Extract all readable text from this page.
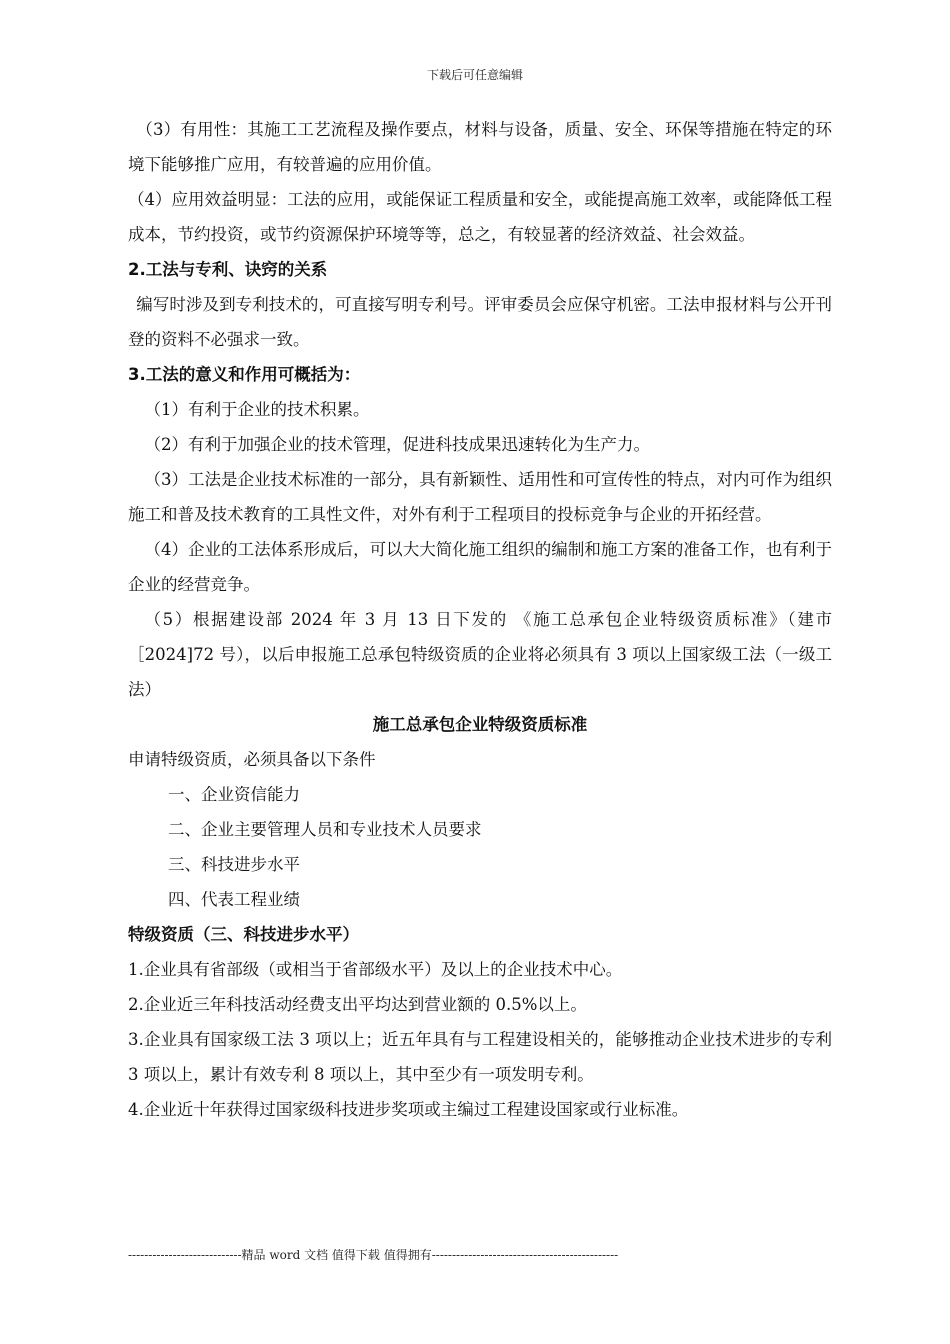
下载后可任意编辑

（3）有用性：其施工工艺流程及操作要点，材料与设备，质量、安全、环保等措施在特定的环境下能够推广应用，有较普遍的应用价值。

（4）应用效益明显：工法的应用，或能保证工程质量和安全，或能提高施工效率，或能降低工程成本，节约投资，或节约资源保护环境等等，总之，有较显著的经济效益、社会效益。

2.工法与专利、诀窍的关系

编写时涉及到专利技术的，可直接写明专利号。评审委员会应保守机密。工法申报材料与公开刊登的资料不必强求一致。

3.工法的意义和作用可概括为：

（1）有利于企业的技术积累。

（2）有利于加强企业的技术管理，促进科技成果迅速转化为生产力。

（3）工法是企业技术标准的一部分，具有新颖性、适用性和可宣传性的特点，对内可作为组织施工和普及技术教育的工具性文件，对外有利于工程项目的投标竞争与企业的开拓经营。

（4）企业的工法体系形成后，可以大大简化施工组织的编制和施工方案的准备工作，也有利于企业的经营竞争。

（5）根据建设部 2024 年 3 月 13 日下发的 《施工总承包企业特级资质标准》（建市［2024]72 号），以后申报施工总承包特级资质的企业将必须具有 3 项以上国家级工法（一级工法）

施工总承包企业特级资质标准

申请特级资质，必须具备以下条件

一、企业资信能力

二、企业主要管理人员和专业技术人员要求

三、科技进步水平

四、代表工程业绩

特级资质（三、科技进步水平）

1.企业具有省部级（或相当于省部级水平）及以上的企业技术中心。

2.企业近三年科技活动经费支出平均达到营业额的 0.5%以上。

3.企业具有国家级工法 3 项以上；近五年具有与工程建设相关的，能够推动企业技术进步的专利 3 项以上，累计有效专利 8 项以上，其中至少有一项发明专利。

4.企业近十年获得过国家级科技进步奖项或主编过工程建设国家或行业标准。

----------------------------精品 word 文档 值得下载 值得拥有----------------------------------------------
